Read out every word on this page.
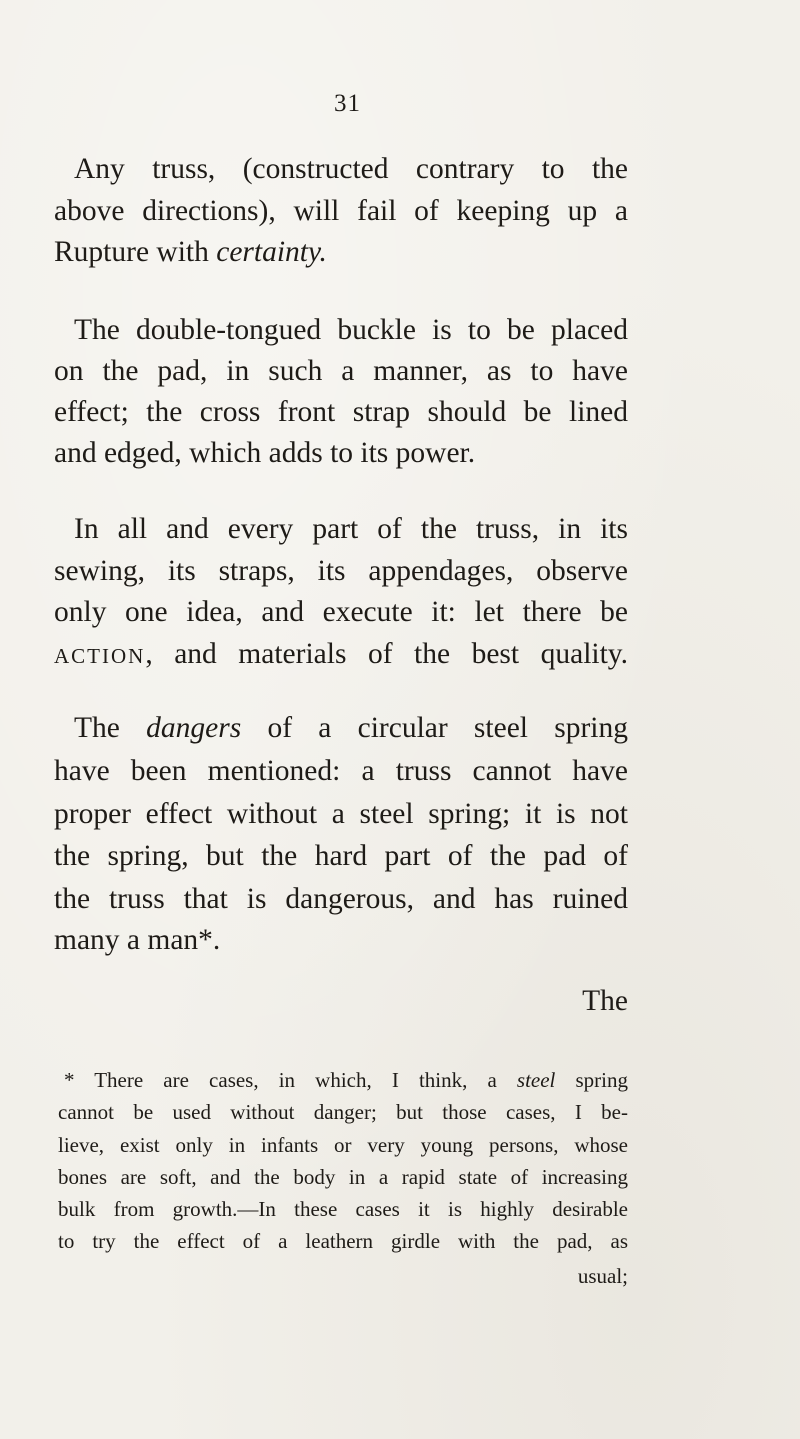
31
Any truss, (constructed contrary to the
above directions), will fail of keeping up a
Rupture with certainty.
The double-tongued buckle is to be placed
on the pad, in such a manner, as to have
effect; the cross front strap should be lined
and edged, which adds to its power.
In all and every part of the truss, in its
sewing, its straps, its appendages, observe
only one idea, and execute it: let there be
action, and materials of the best quality.
The dangers of a circular steel spring
have been mentioned: a truss cannot have
proper effect without a steel spring; it is not
the spring, but the hard part of the pad of
the truss that is dangerous, and has ruined
many a man*.
The
* There are cases, in which, I think, a steel spring
cannot be used without danger; but those cases, I be-
lieve, exist only in infants or very young persons, whose
bones are soft, and the body in a rapid state of increasing
bulk from growth.—In these cases it is highly desirable
to try the effect of a leathern girdle with the pad, as
usual;
